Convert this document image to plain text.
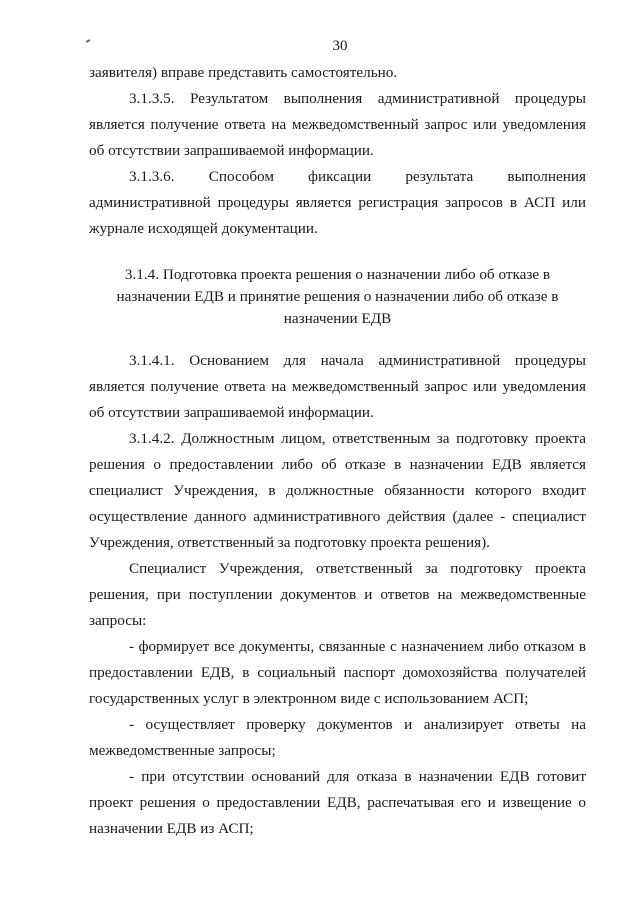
30

заявителя) вправе представить самостоятельно.

3.1.3.5. Результатом выполнения административной процедуры является получение ответа на межведомственный запрос или уведомления об отсутствии запрашиваемой информации.

3.1.3.6. Способом фиксации результата выполнения административной процедуры является регистрация запросов в АСП или журнале исходящей документации.

3.1.4. Подготовка проекта решения о назначении либо об отказе в назначении ЕДВ и принятие решения о назначении либо об отказе в назначении ЕДВ

3.1.4.1. Основанием для начала административной процедуры является получение ответа на межведомственный запрос или уведомления об отсутствии запрашиваемой информации.

3.1.4.2. Должностным лицом, ответственным за подготовку проекта решения о предоставлении либо об отказе в назначении ЕДВ является специалист Учреждения, в должностные обязанности которого входит осуществление данного административного действия (далее - специалист Учреждения, ответственный за подготовку проекта решения).

Специалист Учреждения, ответственный за подготовку проекта решения, при поступлении документов и ответов на межведомственные запросы:

- формирует все документы, связанные с назначением либо отказом в предоставлении ЕДВ, в социальный паспорт домохозяйства получателей государственных услуг в электронном виде с использованием АСП;

- осуществляет проверку документов и анализирует ответы на межведомственные запросы;

- при отсутствии оснований для отказа в назначении ЕДВ готовит проект решения о предоставлении ЕДВ, распечатывая его и извещение о назначении ЕДВ из АСП;
